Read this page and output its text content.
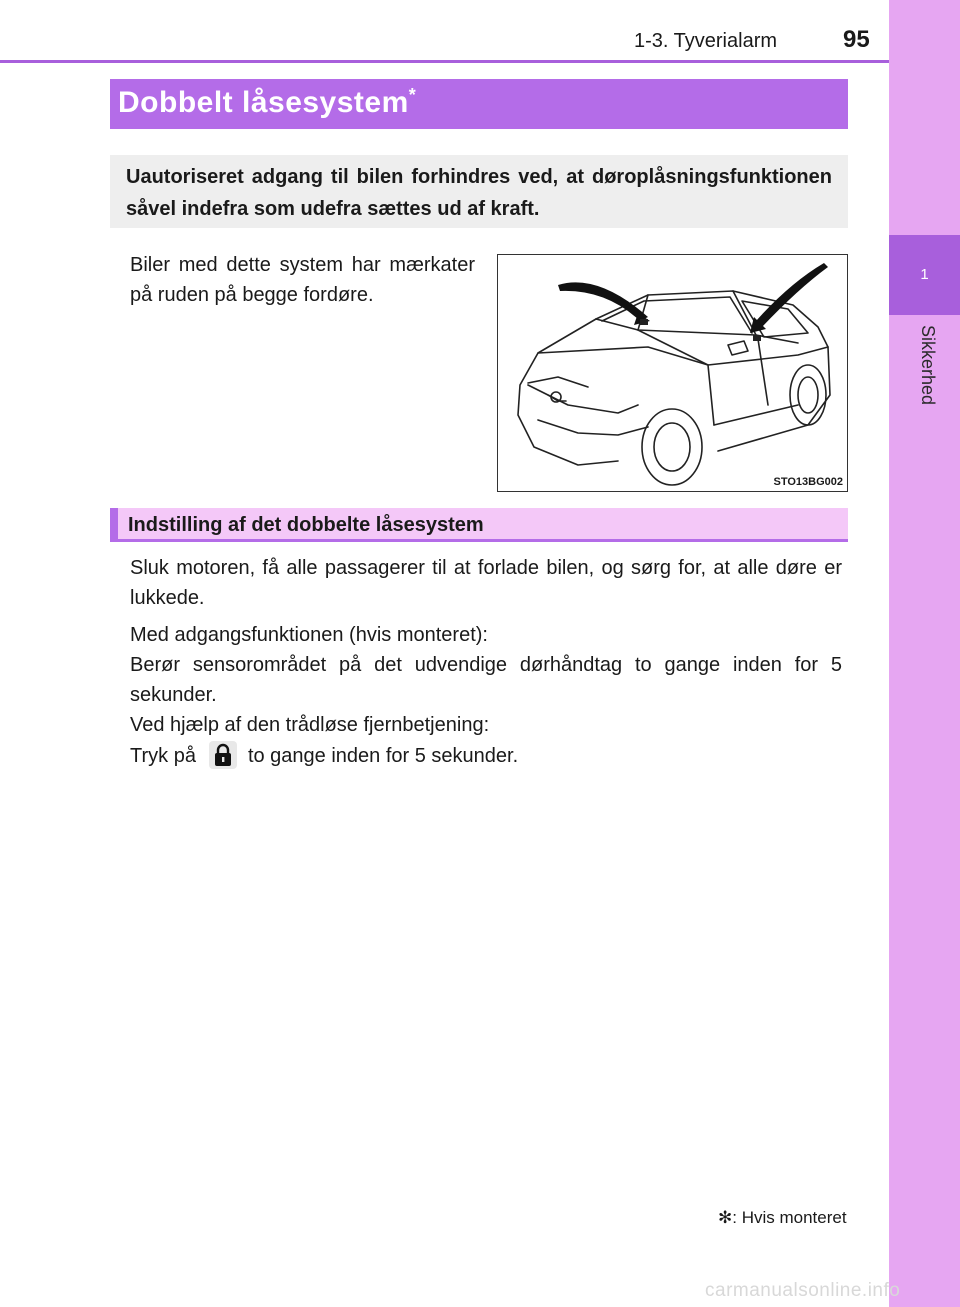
1
Sikkerhed
1-3. Tyverialarm	95
Dobbelt låsesystem*
Uautoriseret adgang til bilen forhindres ved, at døroplåsningsfunktionen såvel indefra som udefra sættes ud af kraft.
Biler med dette system har mærkater på ruden på begge fordøre.
STO13BG002
Indstilling af det dobbelte låsesystem
Sluk motoren, få alle passagerer til at forlade bilen, og sørg for, at alle døre er lukkede.
Med adgangsfunktionen (hvis monteret):
Berør sensorområdet på det udvendige dørhåndtag to gange inden for 5 sekunder.
Ved hjælp af den trådløse fjernbetjening:
Tryk på	to gange inden for 5 sekunder.
✻: Hvis monteret
carmanualsonline.info
